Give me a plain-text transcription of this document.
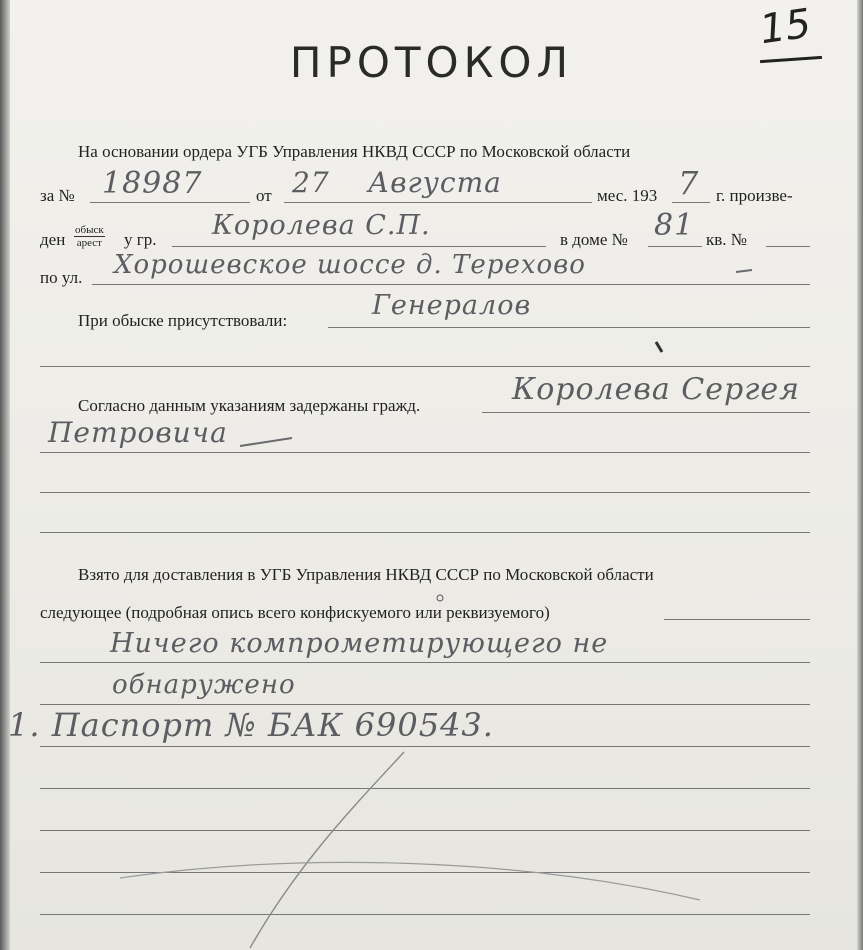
15
ПРОТОКОЛ
На основании ордера УГБ Управления НКВД СССР по Московской области
за № 18987	от 27 Августа	мес. 193 7 г. произве-
ден обыск
арест у гр. Королева С.П.	в доме № 81 кв. №
по ул. Хорошевское шоссе д. Терехово
При обыске присутствовали:	Генералов
Согласно данным указаниям задержаны гражд.	Королева Сергея
Петровича
Взято для доставления в УГБ Управления НКВД СССР по Московской области
следующее (подробная опись всего конфискуемого или реквизуемого)
Ничего компрометирующего не
обнаружено
1. Паспорт № БАК 690543.
